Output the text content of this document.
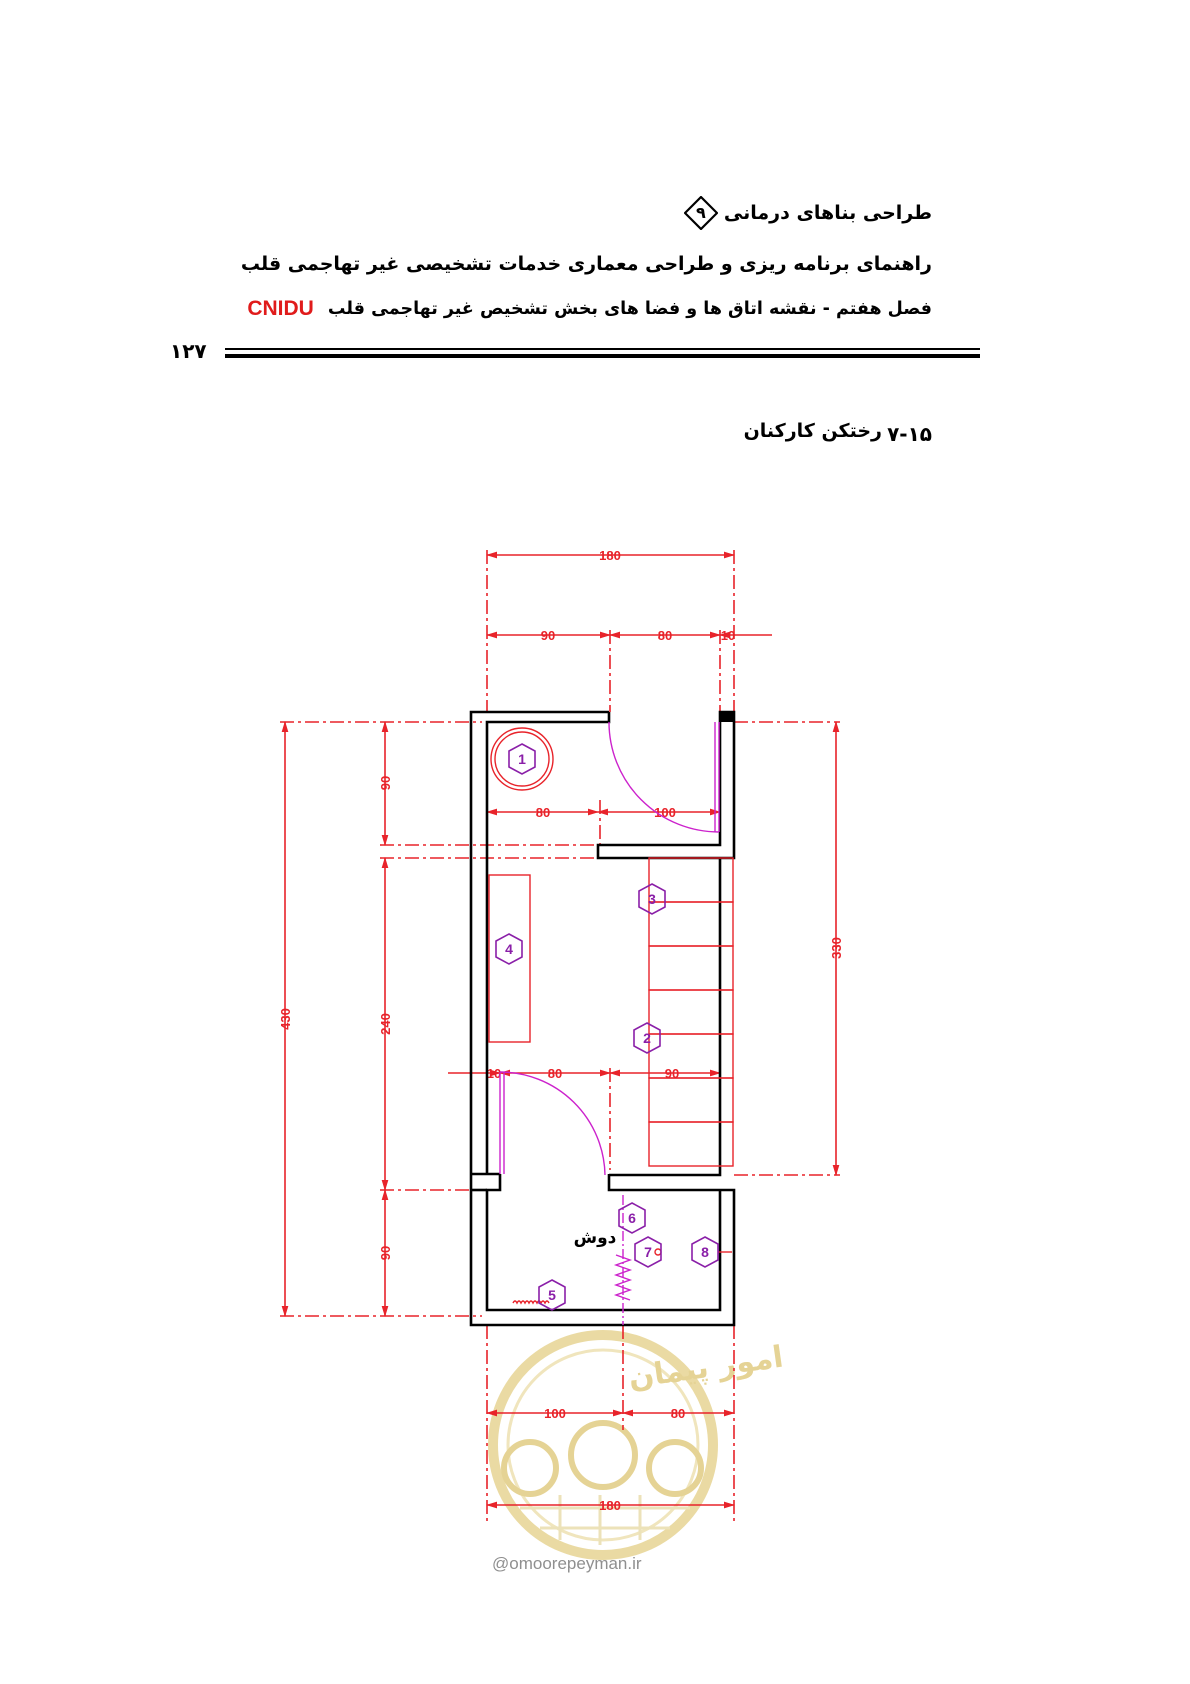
طراحی بناهای درمانی
۹
راهنمای برنامه ریزی و طراحی معماری خدمات تشخیصی غیر تهاجمی قلب
فصل هفتم - نقشه اتاق ها و فضا های بخش تشخیص غیر تهاجمی قلب
CNIDU
۱۲۷
۷-۱۵
رختکن کارکنان
امور پیمان
180
90	80	10
80	100
10	80	90
100	80
180
430
90
240
90
330
1
2
3
4
5
6
7	8
دوش
@omoorepeyman.ir
